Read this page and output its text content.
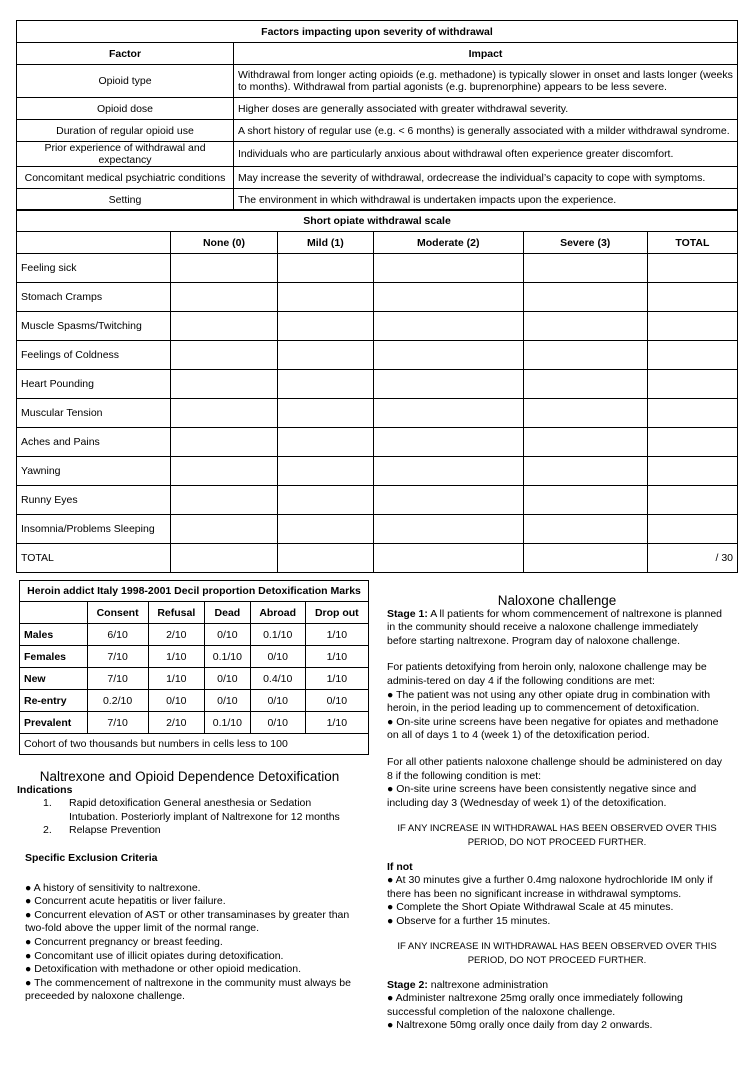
Factors impacting upon severity of withdrawal	
Factor	Impact
Opioid type	Withdrawal from longer acting opioids (e.g. methadone) is typically slower in onset and lasts longer (weeks to months). Withdrawal from partial agonists (e.g. buprenorphine) appears to be less severe.
Opioid dose	Higher doses are generally associated with greater withdrawal severity.
Duration of regular opioid use	A short history of regular use (e.g. < 6 months) is generally associated with a milder withdrawal syndrome.
Prior experience of withdrawal and expectancy	Individuals who are particularly anxious about withdrawal often experience greater discomfort.
Concomitant medical psychiatric conditions	May increase the severity of withdrawal, ordecrease the individual’s capacity to cope with symptoms.
Setting	The environment in which withdrawal is undertaken impacts upon the experience.
Short opiate withdrawal scale					
	None (0)	Mild (1)	Moderate (2)	Severe (3)	TOTAL
Feeling sick					
Stomach Cramps					
Muscle Spasms/Twitching					
Feelings of Coldness					
Heart Pounding					
Muscular Tension					
Aches and Pains					
Yawning					
Runny Eyes					
Insomnia/Problems Sleeping					
TOTAL					/ 30
Heroin addict Italy 1998-2001 Decil proportion Detoxification Marks					
	Consent	Refusal	Dead	Abroad	Drop out
Males	6/10	2/10	0/10	0.1/10	1/10
Females	7/10	1/10	0.1/10	0/10	1/10
New	7/10	1/10	0/10	0.4/10	1/10
Re-entry	0.2/10	0/10	0/10	0/10	0/10
Prevalent	7/10	2/10	0.1/10	0/10	1/10
Cohort of two thousands but numbers in cells less to 100					

Naltrexone and Opioid Dependence Detoxification

Indications

1.	Rapid detoxification General anesthesia or Sedation Intubation. Posteriorly implant of Naltrexone for 12 months
2.	Relapse Prevention

Specific Exclusion Criteria

● A history of sensitivity to naltrexone.

● Concurrent acute hepatitis or liver failure.

● Concurrent elevation of AST or other transaminases by greater than two-fold above the upper limit of the normal range.

● Concurrent pregnancy or breast feeding.

● Concomitant use of illicit opiates during detoxification.

● Detoxification with methadone or other opioid medication.

● The commencement of naltrexone in the community must always be preceeded by naloxone challenge.

Naloxone challenge

Stage 1: A ll patients for whom commencement of naltrexone is planned in the community should receive a naloxone challenge immediately before starting naltrexone. Program day of naloxone challenge.

For patients detoxifying from heroin only, naloxone challenge may be adminis-tered on day 4 if the following conditions are met:

● The patient was not using any other opiate drug in combination with heroin, in the period leading up to commencement of detoxification.

● On-site urine screens have been negative for opiates and methadone on all of days 1 to 4 (week 1) of the detoxification period.

For all other patients naloxone challenge should be administered on day 8 if the following condition is met:

● On-site urine screens have been consistently negative since and including day 3 (Wednesday of week 1) of the detoxification.

IF ANY INCREASE IN WITHDRAWAL HAS BEEN OBSERVED OVER THIS PERIOD, DO NOT PROCEED FURTHER.

If not

● At 30 minutes give a further 0.4mg naloxone hydrochloride IM only if there has been no significant increase in withdrawal symptoms.

● Complete the Short Opiate Withdrawal Scale at 45 minutes.

● Observe for a further 15 minutes.

IF ANY INCREASE IN WITHDRAWAL HAS BEEN OBSERVED OVER THIS PERIOD, DO NOT PROCEED FURTHER.

Stage 2: naltrexone administration

● Administer naltrexone 25mg orally once immediately following successful completion of the naloxone challenge.

● Naltrexone 50mg orally once daily from day 2 onwards.
